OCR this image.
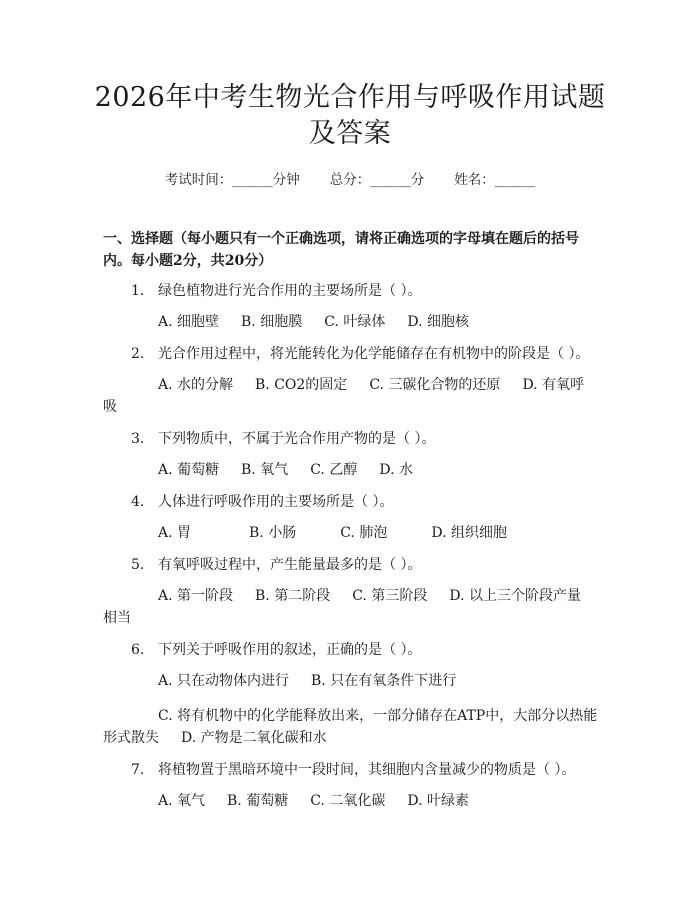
2026年中考生物光合作用与呼吸作用试题及答案
考试时间：______分钟 总分：______分 姓名：______
一、选择题（每小题只有一个正确选项，请将正确选项的字母填在题后的括号
内。每小题2分，共20分）
1. 绿色植物进行光合作用的主要场所是（ ）。
A. 细胞壁 B. 细胞膜 C. 叶绿体 D. 细胞核
2. 光合作用过程中，将光能转化为化学能储存在有机物中的阶段是（ ）。
A. 水的分解 B. CO2的固定 C. 三碳化合物的还原 D. 有氧呼
吸
3. 下列物质中，不属于光合作用产物的是（ ）。
A. 葡萄糖 B. 氧气 C. 乙醇 D. 水
4. 人体进行呼吸作用的主要场所是（ ）。
A. 胃	B. 小肠	C. 肺泡	D. 组织细胞
5. 有氧呼吸过程中，产生能量最多的是（ ）。
A. 第一阶段 B. 第二阶段 C. 第三阶段 D. 以上三个阶段产量
相当
6. 下列关于呼吸作用的叙述，正确的是（ ）。
A. 只在动物体内进行 B. 只在有氧条件下进行
C. 将有机物中的化学能释放出来，一部分储存在ATP中，大部分以热能
形式散失 D. 产物是二氧化碳和水
7. 将植物置于黑暗环境中一段时间，其细胞内含量减少的物质是（ ）。
A. 氧气 B. 葡萄糖 C. 二氧化碳 D. 叶绿素
